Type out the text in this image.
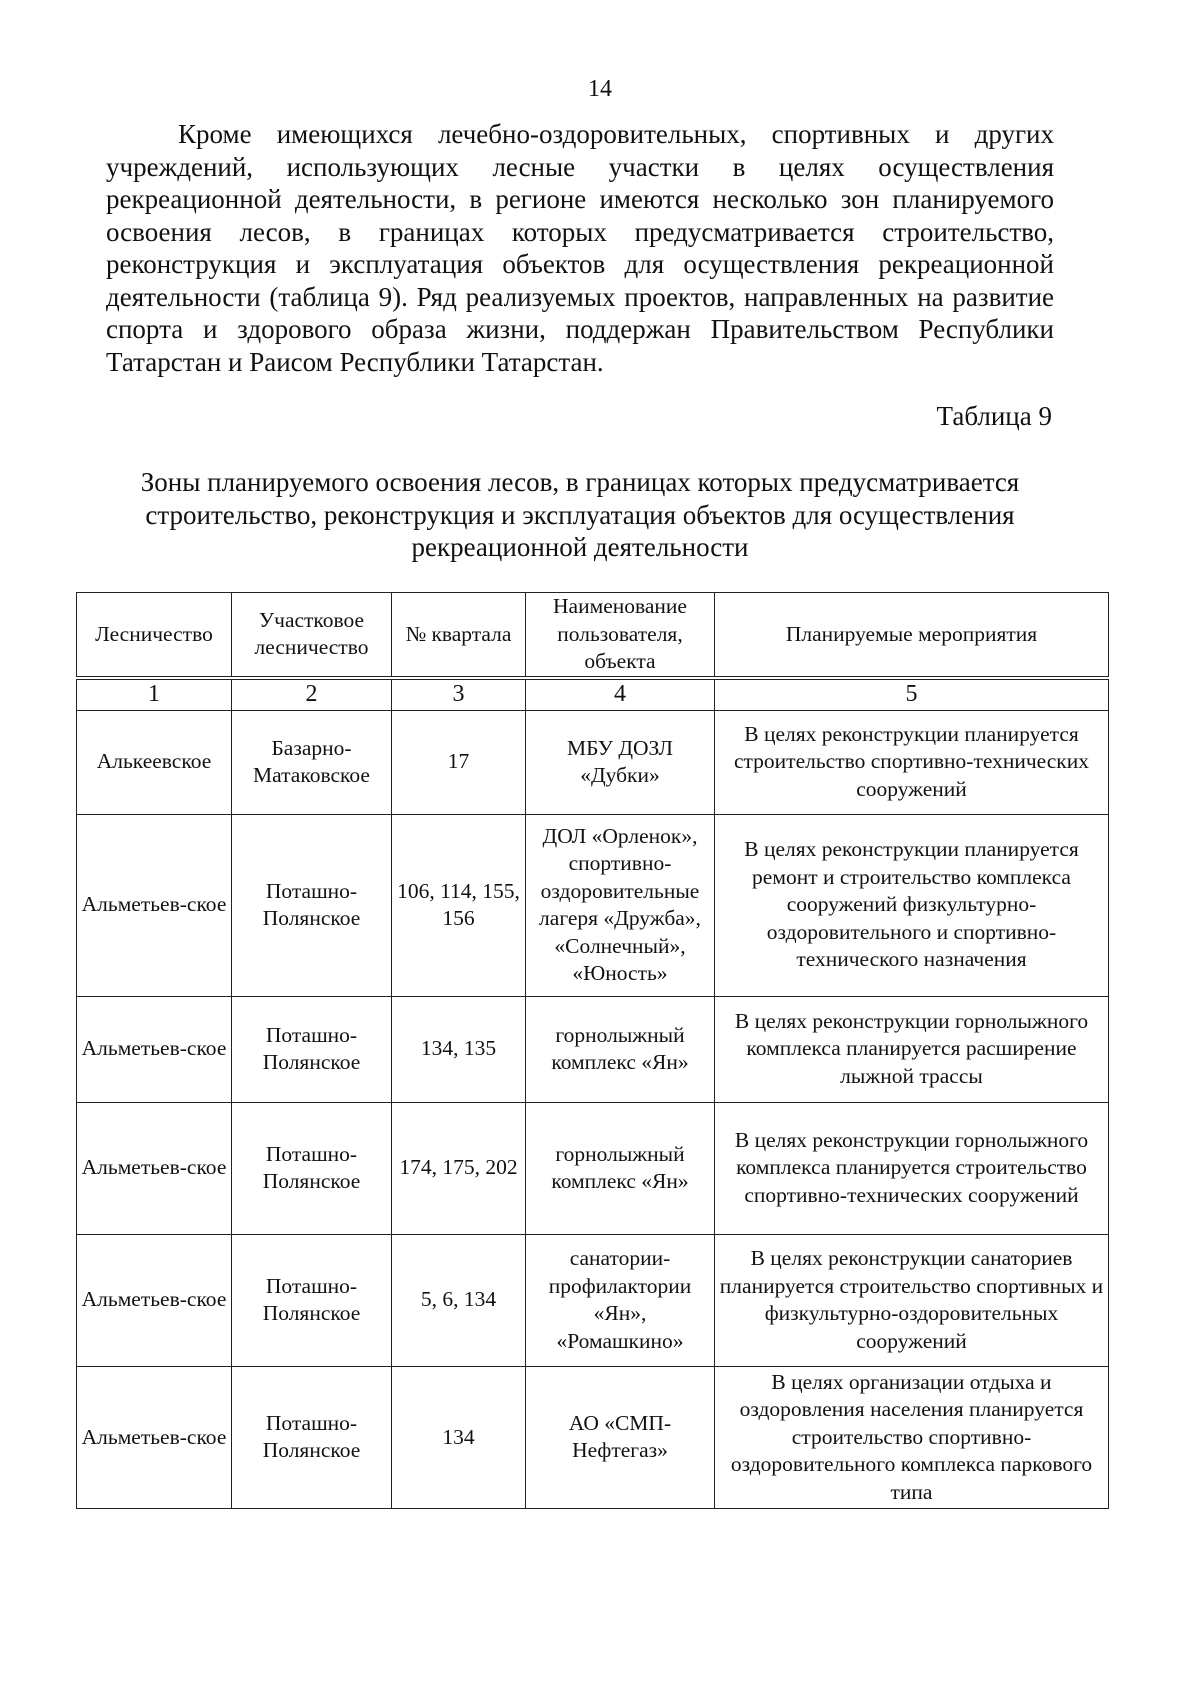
14

Кроме имеющихся лечебно-оздоровительных, спортивных и других учреждений, использующих лесные участки в целях осуществления рекреационной деятельности, в регионе имеются несколько зон планируемого освоения лесов, в границах которых предусматривается строительство, реконструкция и эксплуатация объектов для осуществления рекреационной деятельности (таблица 9). Ряд реализуемых проектов, направленных на развитие спорта и здорового образа жизни, поддержан Правительством Республики Татарстан и Раисом Республики Татарстан.

Таблица 9

Зоны планируемого освоения лесов, в границах которых предусматривается строительство, реконструкция и эксплуатация объектов для осуществления рекреационной деятельности

Лесничество	Участковое лесничество	№ квартала	Наименование пользователя, объекта	Планируемые мероприятия
1	2	3	4	5
Алькеевское	Базарно-Матаковское	17	МБУ ДОЗЛ «Дубки»	В целях реконструкции планируется строительство спортивно-технических сооружений
Альметьев-ское	Поташно-Полянское	106, 114, 155, 156	ДОЛ «Орленок», спортивно-оздоровительные лагеря «Дружба», «Солнечный», «Юность»	В целях реконструкции планируется ремонт и строительство комплекса сооружений физкультурно-оздоровительного и спортивно-технического назначения
Альметьев-ское	Поташно-Полянское	134, 135	горнолыжный комплекс «Ян»	В целях реконструкции горнолыжного комплекса планируется расширение лыжной трассы
Альметьев-ское	Поташно-Полянское	174, 175, 202	горнолыжный комплекс «Ян»	В целях реконструкции горнолыжного комплекса планируется строительство спортивно-технических сооружений
Альметьев-ское	Поташно-Полянское	5, 6, 134	санатории-профилактории «Ян», «Ромашкино»	В целях реконструкции санаториев планируется строительство спортивных и физкультурно-оздоровительных сооружений
Альметьев-ское	Поташно-Полянское	134	АО «СМП-Нефтегаз»	В целях организации отдыха и оздоровления населения планируется строительство спортивно-оздоровительного комплекса паркового типа
